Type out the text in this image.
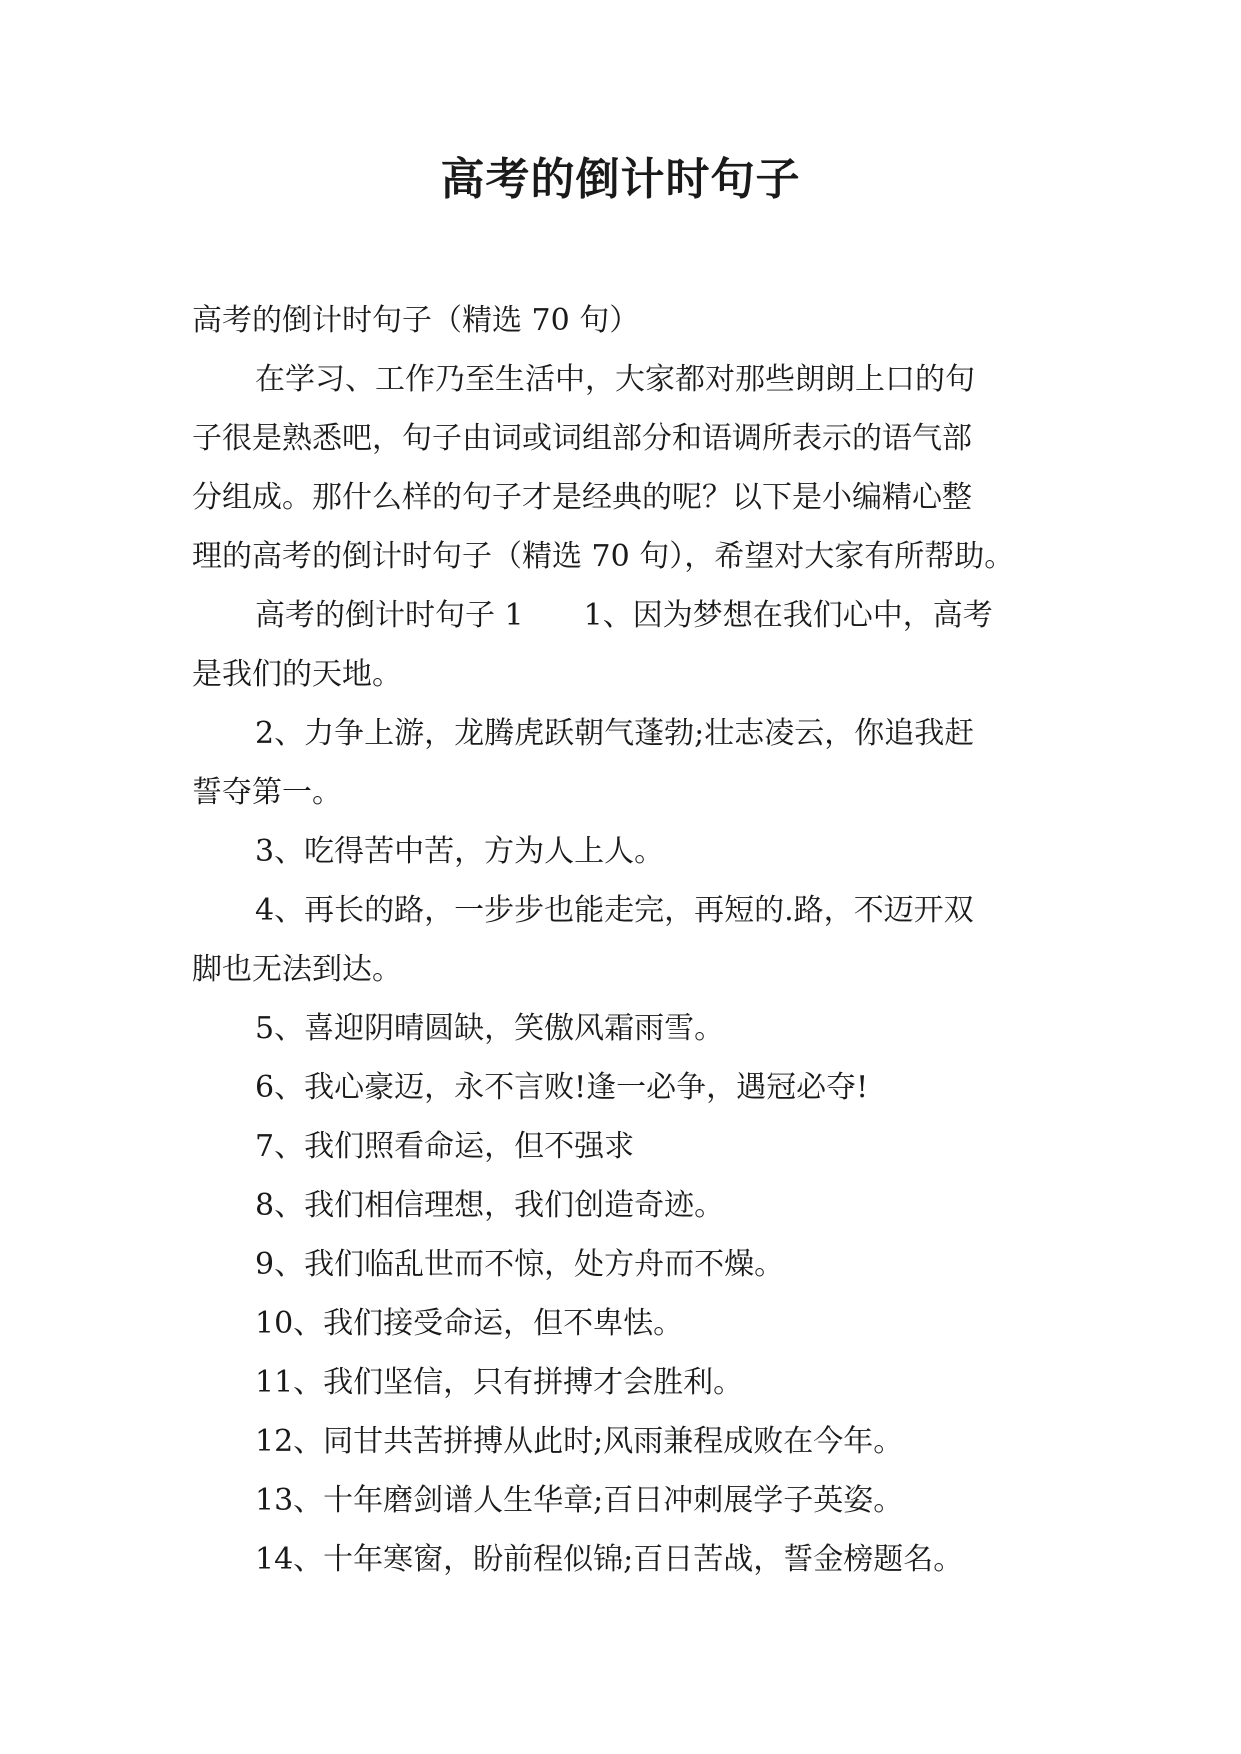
高考的倒计时句子

高考的倒计时句子（精选 70 句）

在学习、工作乃至生活中，大家都对那些朗朗上口的句

子很是熟悉吧，句子由词或词组部分和语调所表示的语气部

分组成。那什么样的句子才是经典的呢？以下是小编精心整

理的高考的倒计时句子（精选 70 句），希望对大家有所帮助。

高考的倒计时句子 1 1、因为梦想在我们心中，高考

是我们的天地。

2、力争上游，龙腾虎跃朝气蓬勃;壮志凌云，你追我赶

誓夺第一。

3、吃得苦中苦，方为人上人。

4、再长的路，一步步也能走完，再短的.路，不迈开双

脚也无法到达。

5、喜迎阴晴圆缺，笑傲风霜雨雪。

6、我心豪迈，永不言败!逢一必争，遇冠必夺!

7、我们照看命运，但不强求

8、我们相信理想，我们创造奇迹。

9、我们临乱世而不惊，处方舟而不燥。

10、我们接受命运，但不卑怯。

11、我们坚信，只有拼搏才会胜利。

12、同甘共苦拼搏从此时;风雨兼程成败在今年。

13、十年磨剑谱人生华章;百日冲刺展学子英姿。

14、十年寒窗，盼前程似锦;百日苦战，誓金榜题名。
